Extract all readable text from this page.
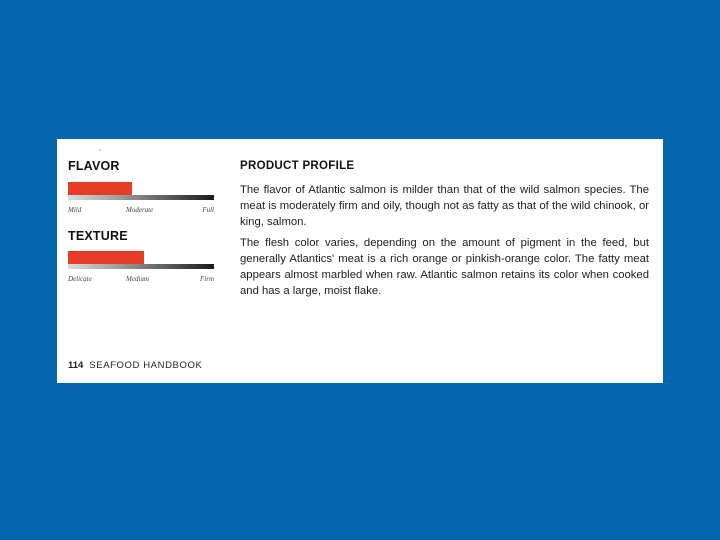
FLAVOR
Mild	Moderate	Full
TEXTURE
Delicate	Medium	Firm
114 SEAFOOD HANDBOOK
PRODUCT PROFILE

The flavor of Atlantic salmon is milder than that of the wild salmon species. The meat is moderately firm and oily, though not as fatty as that of the wild chinook, or king, salmon.

The flesh color varies, depending on the amount of pigment in the feed, but generally Atlantics' meat is a rich orange or pinkish-orange color. The fatty meat appears almost marbled when raw. Atlantic salmon retains its color when cooked and has a large, moist flake.
